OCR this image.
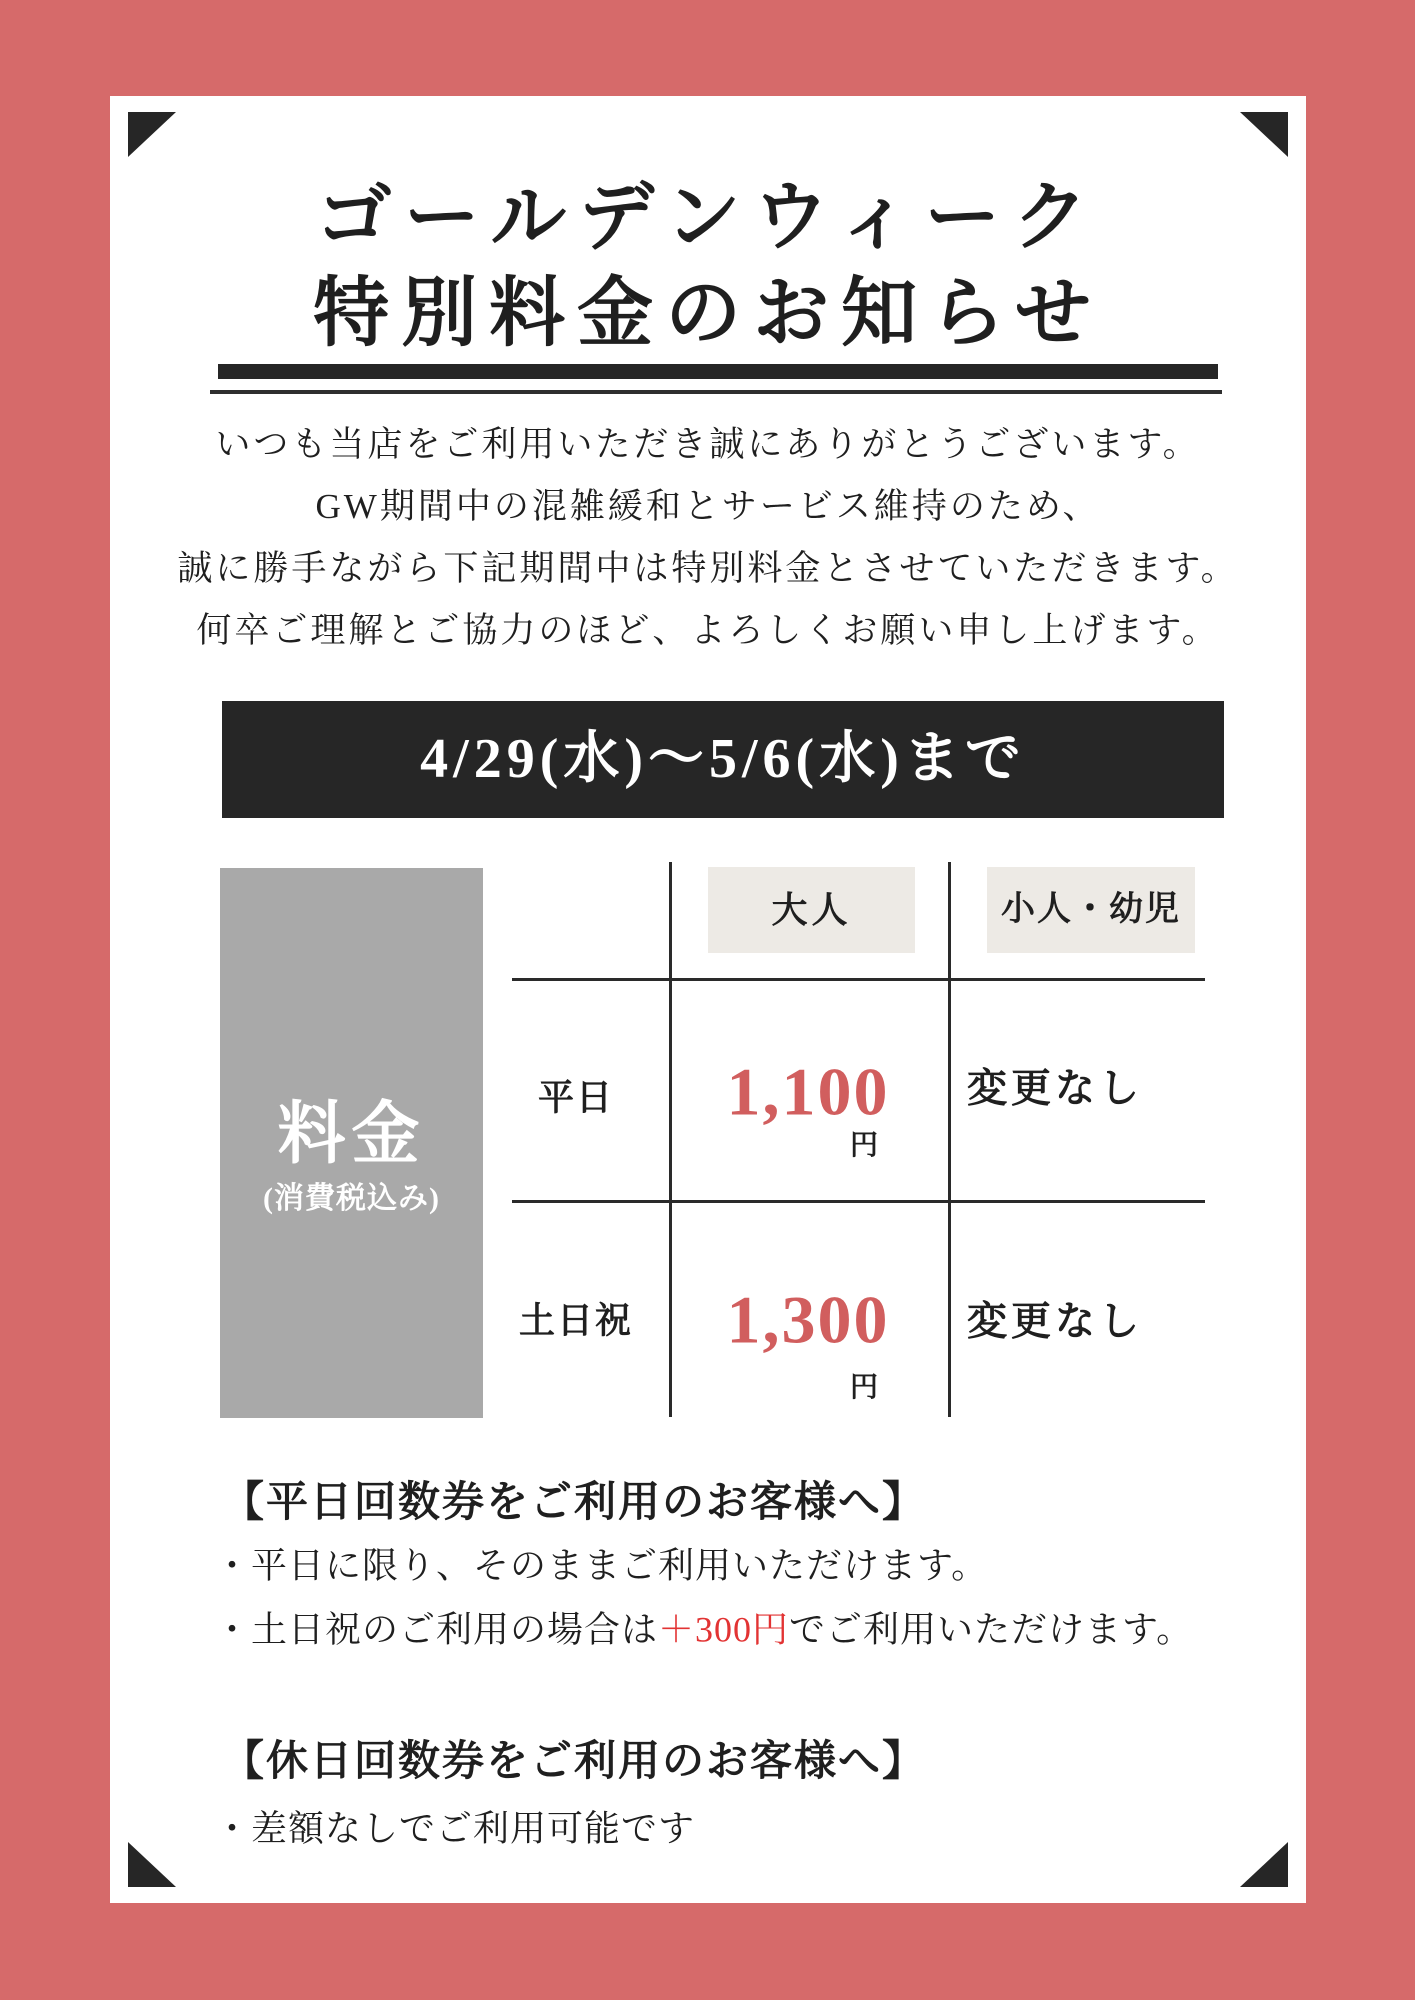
ゴールデンウィーク
特別料金のお知らせ
いつも当店をご利用いただき誠にありがとうございます。
GW期間中の混雑緩和とサービス維持のため、
誠に勝手ながら下記期間中は特別料金とさせていただきます。
何卒ご理解とご協力のほど、よろしくお願い申し上げます。
4/29(水)〜5/6(水)まで
料金
(消費税込み)
大人	小人・幼児
平日 1,100
円
変更なし
土日祝 1,300
円
変更なし
【平日回数券をご利用のお客様へ】
・平日に限り、そのままご利用いただけます。
・土日祝のご利用の場合は＋300円でご利用いただけます。
【休日回数券をご利用のお客様へ】
・差額なしでご利用可能です
